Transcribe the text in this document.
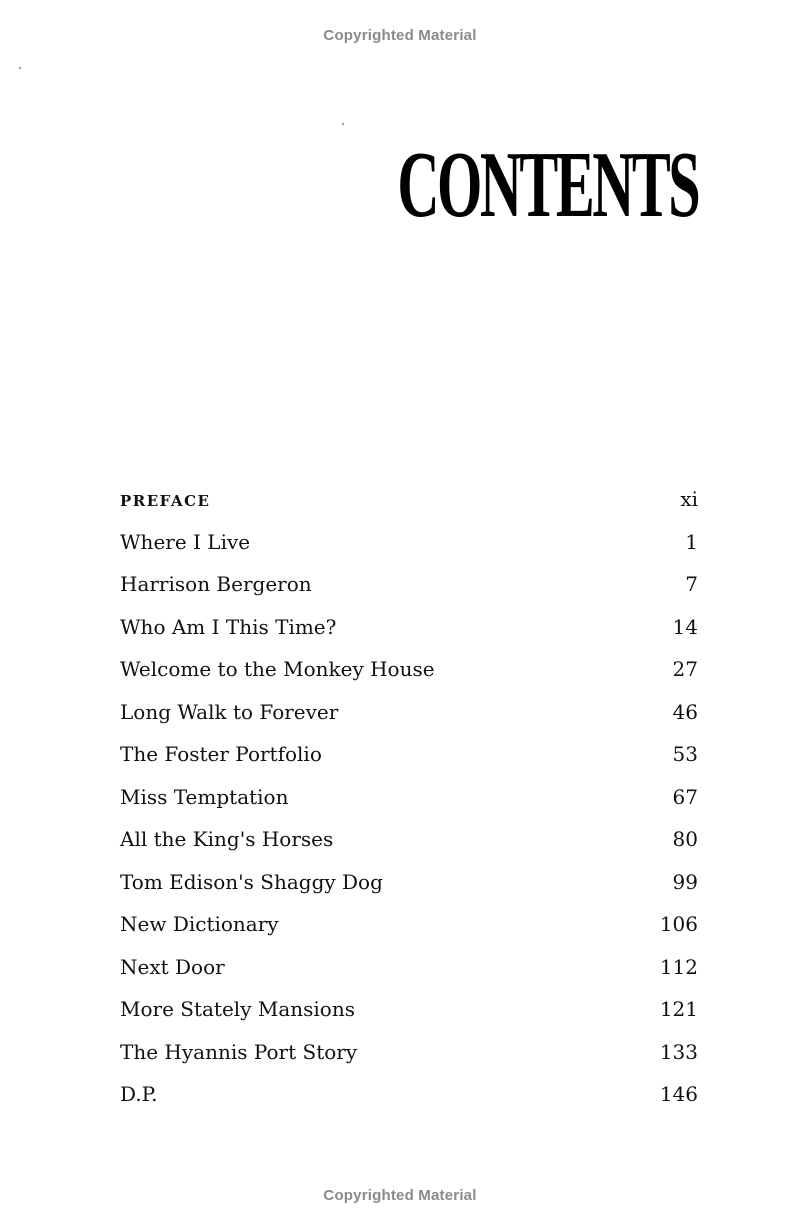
Copyrighted Material
CONTENTS
PREFACE	xi
Where I Live	1
Harrison Bergeron	7
Who Am I This Time?	14
Welcome to the Monkey House	27
Long Walk to Forever	46
The Foster Portfolio	53
Miss Temptation	67
All the King's Horses	80
Tom Edison's Shaggy Dog	99
New Dictionary	106
Next Door	112
More Stately Mansions	121
The Hyannis Port Story	133
D.P.	146
Copyrighted Material
